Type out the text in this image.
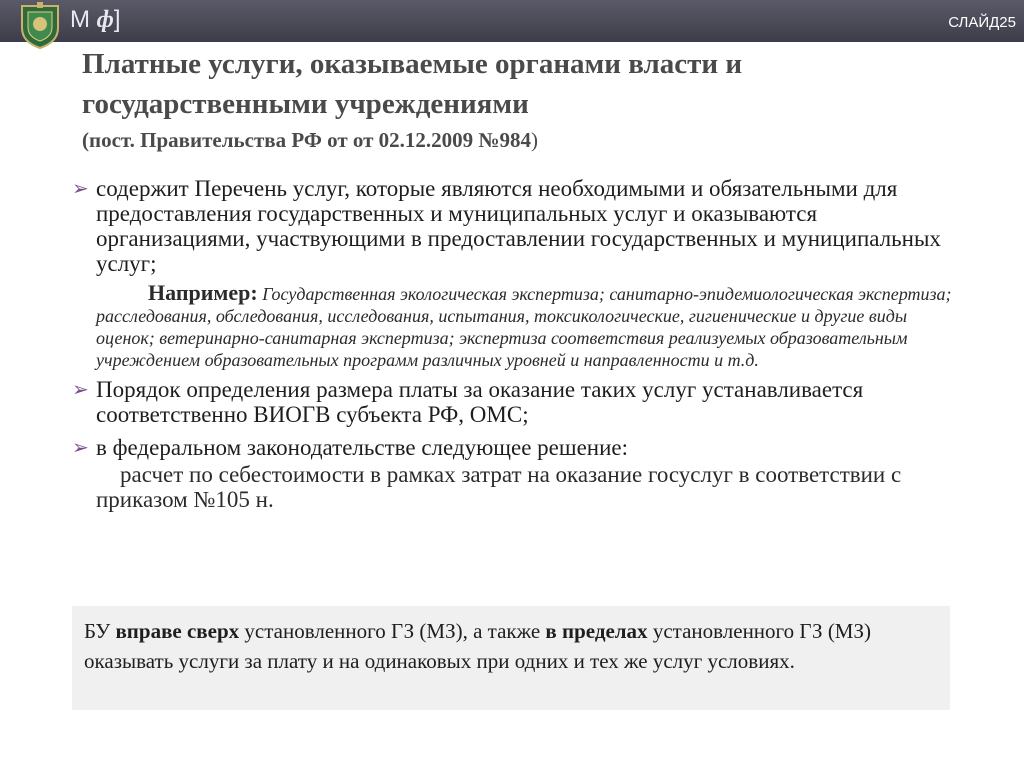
М ф]	СЛАЙД25
Платные услуги, оказываемые органами власти и
государственными учреждениями
(пост. Правительства РФ от от 02.12.2009 №984)
➢ содержит Перечень услуг, которые являются необходимыми и обязательными для предоставления государственных и муниципальных услуг и оказываются организациями, участвующими в предоставлении государственных и муниципальных услуг;
Например: Государственная экологическая экспертиза; санитарно-эпидемиологическая экспертиза; расследования, обследования, исследования, испытания, токсикологические, гигиенические и другие виды оценок; ветеринарно-санитарная экспертиза; экспертиза соответствия реализуемых образовательным учреждением образовательных программ различных уровней и направленности и т.д.
➢ Порядок определения размера платы за оказание таких услуг устанавливается соответственно ВИОГВ субъекта РФ, ОМС;
➢ в федеральном законодательстве следующее решение:
расчет по себестоимости в рамках затрат на оказание госуслуг в соответствии с приказом №105 н.
БУ вправе сверх установленного ГЗ (МЗ), а также в пределах установленного ГЗ (МЗ) оказывать услуги за плату и на одинаковых при одних и тех же услуг условиях.
